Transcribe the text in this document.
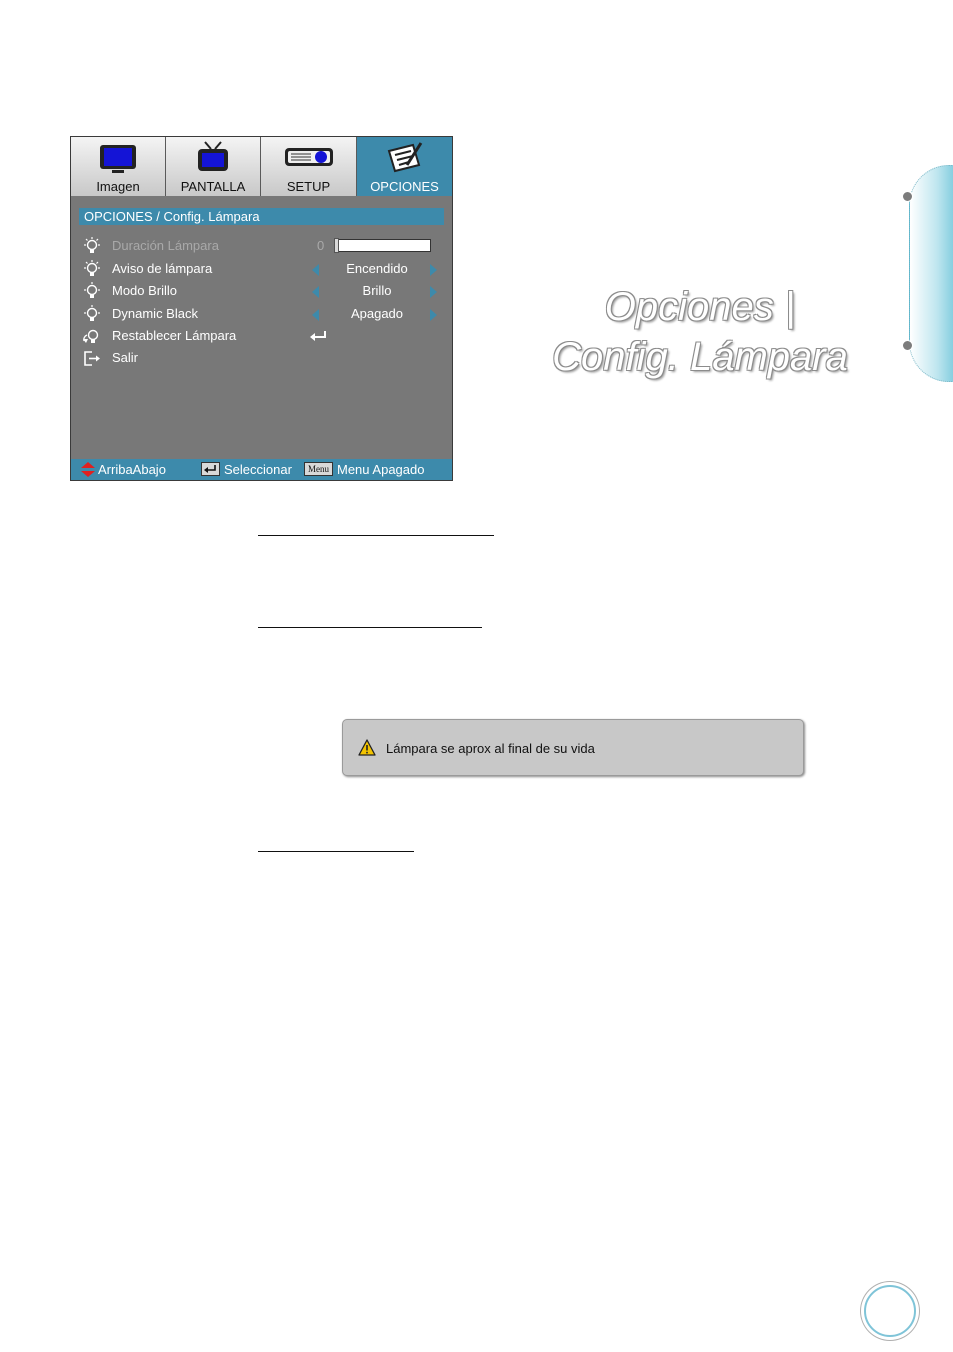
Imagen	PANTALLA	SETUP	OPCIONES
OPCIONES / Config. Lámpara
Duración Lámpara	0
Aviso de lámpara	Encendido
Modo Brillo	Brillo
Dynamic Black	Apagado
Restablecer Lámpara
Salir
ArribaAbajo	Seleccionar	Menu Menu Apagado
Opciones |
Config. Lámpara
Lámpara se aprox al final de su vida
